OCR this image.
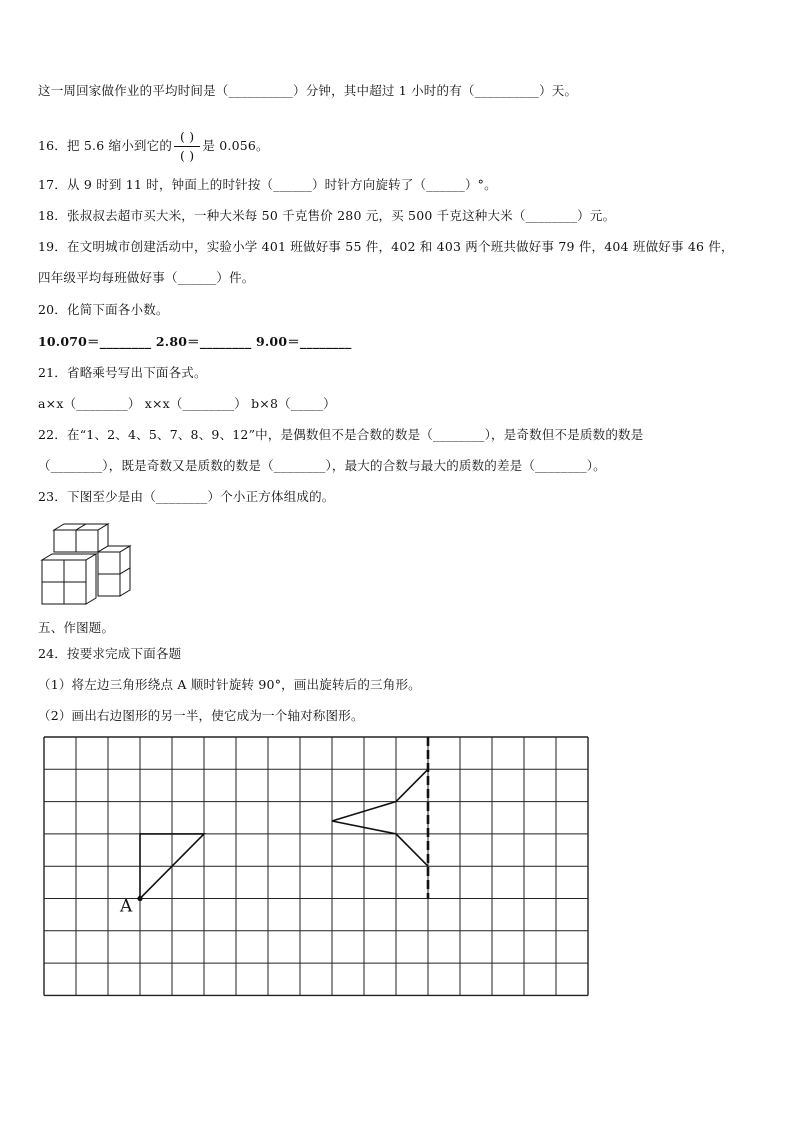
这一周回家做作业的平均时间是（__________）分钟，其中超过 1 小时的有（__________）天。
16．把 5.6 缩小到它的 $\frac{( )}{( )}$ 是 0.056。
17．从 9 时到 11 时，钟面上的时针按（______）时针方向旋转了（______）°。
18．张叔叔去超市买大米，一种大米每 50 千克售价 280 元，买 500 千克这种大米（________）元。
19．在文明城市创建活动中，实验小学 401 班做好事 55 件，402 和 403 两个班共做好事 79 件，404 班做好事 46 件，
四年级平均每班做好事（______）件。
20．化简下面各小数。
10.070＝________ 2.80＝________ 9.00＝________
21．省略乘号写出下面各式。
a×x（________） x×x（________） b×8（_____）
22．在“1、2、4、5、7、8、9、12”中，是偶数但不是合数的数是（________），是奇数但不是质数的数是
（________），既是奇数又是质数的数是（________），最大的合数与最大的质数的差是（________）。
23．下图至少是由（________）个小正方体组成的。
五、作图题。
24．按要求完成下面各题
（1）将左边三角形绕点 A 顺时针旋转 90°，画出旋转后的三角形。
（2）画出右边图形的另一半，使它成为一个轴对称图形。
A
